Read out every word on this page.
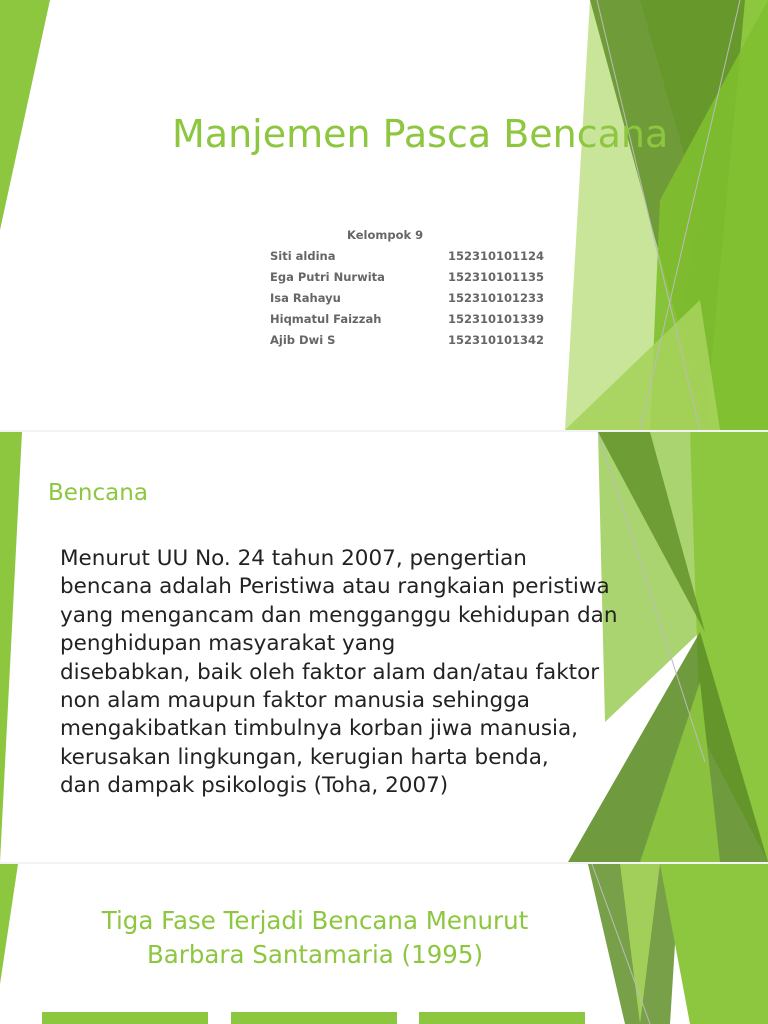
Manjemen Pasca Bencana
Kelompok 9
Siti aldina	152310101124
Ega Putri Nurwita	152310101135
Isa Rahayu	152310101233
Hiqmatul Faizzah	152310101339
Ajib Dwi S	152310101342
Bencana
Menurut UU No. 24 tahun 2007, pengertian
bencana adalah Peristiwa atau rangkaian peristiwa
yang mengancam dan mengganggu kehidupan dan
penghidupan masyarakat yang
disebabkan, baik oleh faktor alam dan/atau faktor
non alam maupun faktor manusia sehingga
mengakibatkan timbulnya korban jiwa manusia,
kerusakan lingkungan, kerugian harta benda,
dan dampak psikologis (Toha, 2007)
Tiga Fase Terjadi Bencana Menurut
Barbara Santamaria (1995)
